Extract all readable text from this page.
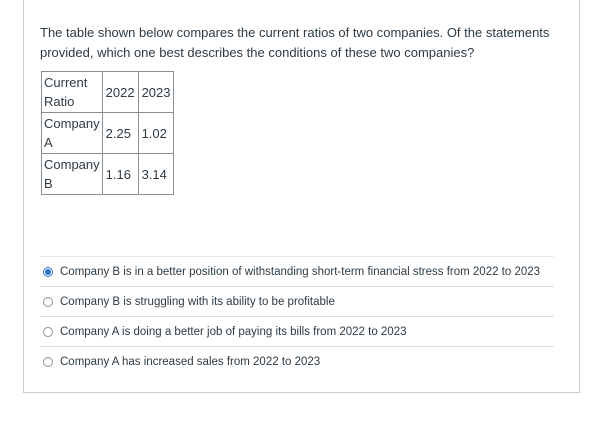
The table shown below compares the current ratios of two companies. Of the statements
provided, which one best describes the conditions of these two companies?
Current
Ratio	2022	2023

Company
A	2.25	1.02

Company
B	1.16	3.14
Company B is in a better position of withstanding short-term financial stress from 2022 to 2023
Company B is struggling with its ability to be profitable
Company A is doing a better job of paying its bills from 2022 to 2023
Company A has increased sales from 2022 to 2023
